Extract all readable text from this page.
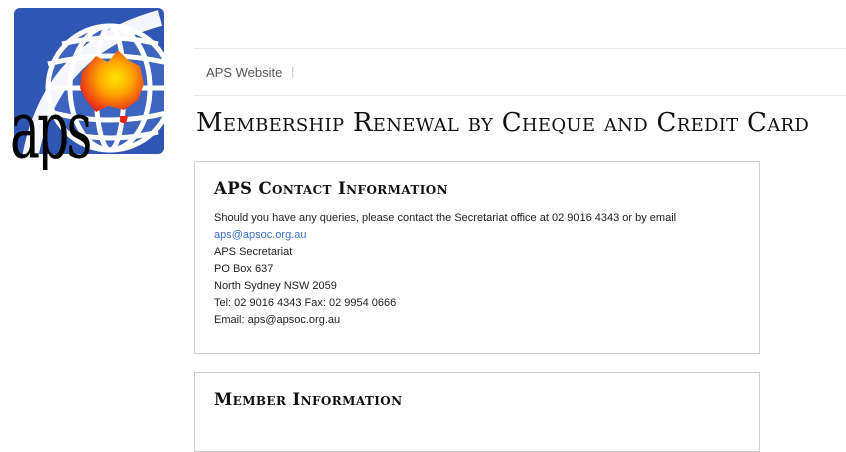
aps
APS Website |
Membership Renewal by Cheque and Credit Card
APS Contact Information
Should you have any queries, please contact the Secretariat office at 02 9016 4343 or by email
aps@apsoc.org.au
APS Secretariat
PO Box 637
North Sydney NSW 2059
Tel: 02 9016 4343 Fax: 02 9954 0666
Email: aps@apsoc.org.au
Member Information
